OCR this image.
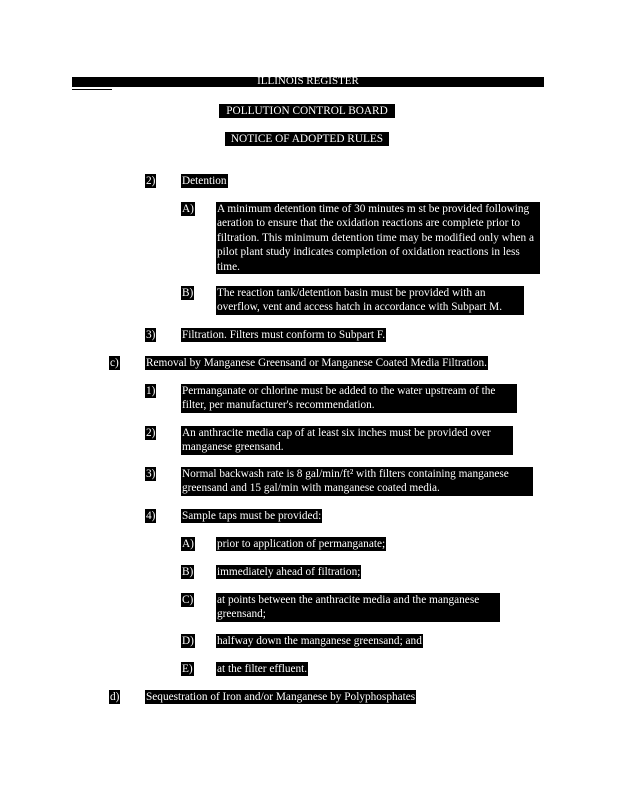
ILLINOIS REGISTER
POLLUTION CONTROL BOARD
NOTICE OF ADOPTED RULES
2) Detention
A) A minimum detention time of 30 minutes m st be provided following aeration to ensure that the oxidation reactions are complete prior to filtration. This minimum detention time may be modified only when a pilot plant study indicates completion of oxidation reactions in less time.
B) The reaction tank/detention basin must be provided with an overflow, vent and access hatch in accordance with Subpart M.
3) Filtration. Filters must conform to Subpart F.
c) Removal by Manganese Greensand or Manganese Coated Media Filtration.
1) Permanganate or chlorine must be added to the water upstream of the filter, per manufacturer's recommendation.
2) An anthracite media cap of at least six inches must be provided over manganese greensand.
3) Normal backwash rate is 8 gal/min/ft² with filters containing manganese greensand and 15 gal/min with manganese coated media.
4) Sample taps must be provided:
A) prior to application of permanganate;
B) immediately ahead of filtration;
C) at points between the anthracite media and the manganese greensand;
D) halfway down the manganese greensand; and
E) at the filter effluent.
d) Sequestration of Iron and/or Manganese by Polyphosphates
